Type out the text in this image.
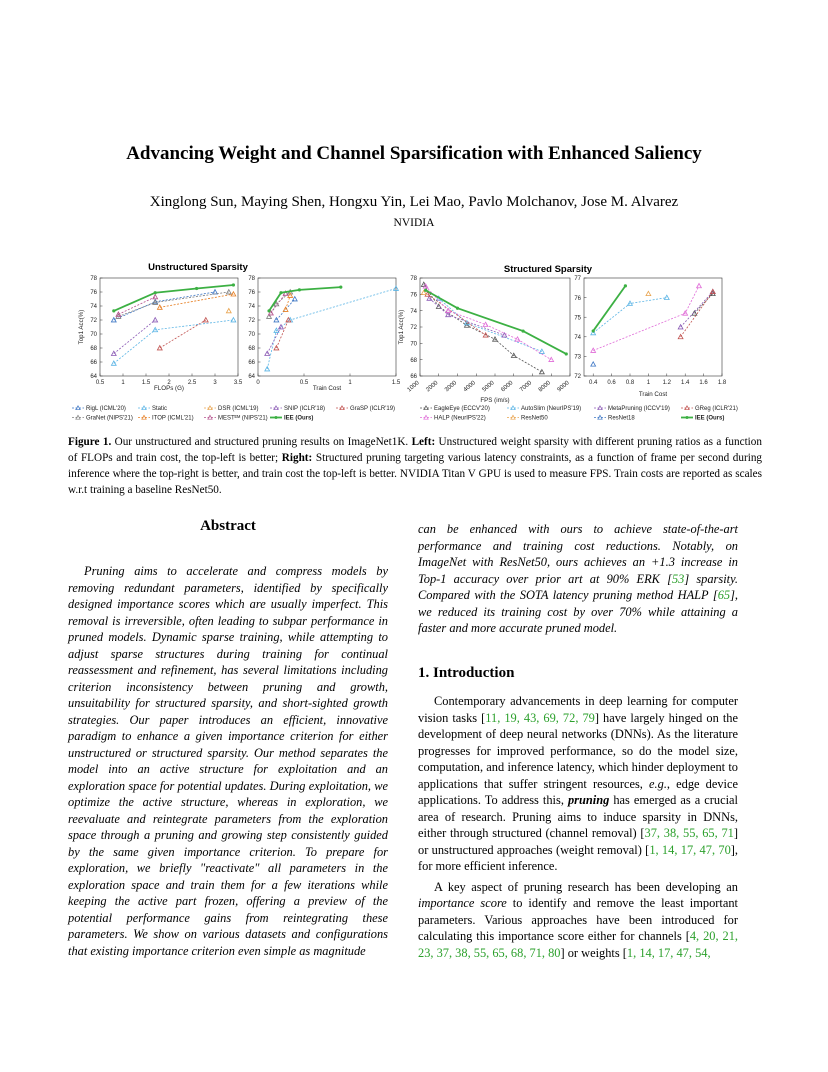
Advancing Weight and Channel Sparsification with Enhanced Saliency
Xinglong Sun, Maying Shen, Hongxu Yin, Lei Mao, Pavlo Molchanov, Jose M. Alvarez
NVIDIA
Unstructured Sparsity	Structured Sparsity
RigL (ICML'20)	Static	DSR (ICML'19)	SNIP (ICLR'18)	GraSP (ICLR'19)
GraNet (NIPS'21)	ITOP (ICML'21)	MESTᴱᴹ (NIPS'21)	IEE (Ours)
EagleEye (ECCV'20)	AutoSlim (NeurIPS'19)	MetaPruning (ICCV'19)	GReg (ICLR'21)
HALP (NeurIPS'22)	ResNet50	ResNet18	IEE (Ours)
64
66
68
70
72
74
76
78
0.5	1	1.5	2	2.5	3	3.5
FLOPs (G)
Top1 Acc(%)
64
66
68
70
72
74
76
78
0	0.5	1	1.5
Train Cost
66
68
70
72
74
76
78
1000 2000 3000 4000 5000 6000 7000 8000 9000
FPS (im/s)
Top1 Acc(%)
72
73
74
75
76
77
0.4 0.6 0.8 1 1.2 1.4 1.6 1.8
Train Cost
Figure 1. Our unstructured and structured pruning results on ImageNet1K. Left: Unstructured weight sparsity with different pruning ratios as a function of FLOPs and train cost, the top-left is better; Right: Structured pruning targeting various latency constraints, as a function of frame per second during inference where the top-right is better, and train cost the top-left is better. NVIDIA Titan V GPU is used to measure FPS. Train costs are reported as scales w.r.t training a baseline ResNet50.
Abstract

Pruning aims to accelerate and compress models by removing redundant parameters, identified by specifically designed importance scores which are usually imperfect. This removal is irreversible, often leading to subpar performance in pruned models. Dynamic sparse training, while attempting to adjust sparse structures during training for continual reassessment and refinement, has several limitations including criterion inconsistency between pruning and growth, unsuitability for structured sparsity, and short-sighted growth strategies. Our paper introduces an efficient, innovative paradigm to enhance a given importance criterion for either unstructured or structured sparsity. Our method separates the model into an active structure for exploitation and an exploration space for potential updates. During exploitation, we optimize the active structure, whereas in exploration, we reevaluate and reintegrate parameters from the exploration space through a pruning and growing step consistently guided by the same given importance criterion. To prepare for exploration, we briefly "reactivate" all parameters in the exploration space and train them for a few iterations while keeping the active part frozen, offering a preview of the potential performance gains from reintegrating these parameters. We show on various datasets and configurations that existing importance criterion even simple as magnitude

can be enhanced with ours to achieve state-of-the-art performance and training cost reductions. Notably, on ImageNet with ResNet50, ours achieves an +1.3 increase in Top-1 accuracy over prior art at 90% ERK [53] sparsity. Compared with the SOTA latency pruning method HALP [65], we reduced its training cost by over 70% while attaining a faster and more accurate pruned model.
1. Introduction

Contemporary advancements in deep learning for computer vision tasks [11, 19, 43, 69, 72, 79] have largely hinged on the development of deep neural networks (DNNs). As the literature progresses for improved performance, so do the model size, computation, and inference latency, which hinder deployment to applications that suffer stringent resources, e.g., edge device applications. To address this, pruning has emerged as a crucial area of research. Pruning aims to induce sparsity in DNNs, either through structured (channel removal) [37, 38, 55, 65, 71] or unstructured approaches (weight removal) [1, 14, 17, 47, 70], for more efficient inference.

A key aspect of pruning research has been developing an importance score to identify and remove the least important parameters. Various approaches have been introduced for calculating this importance score either for channels [4, 20, 21, 23, 37, 38, 55, 65, 68, 71, 80] or weights [1, 14, 17, 47, 54,
